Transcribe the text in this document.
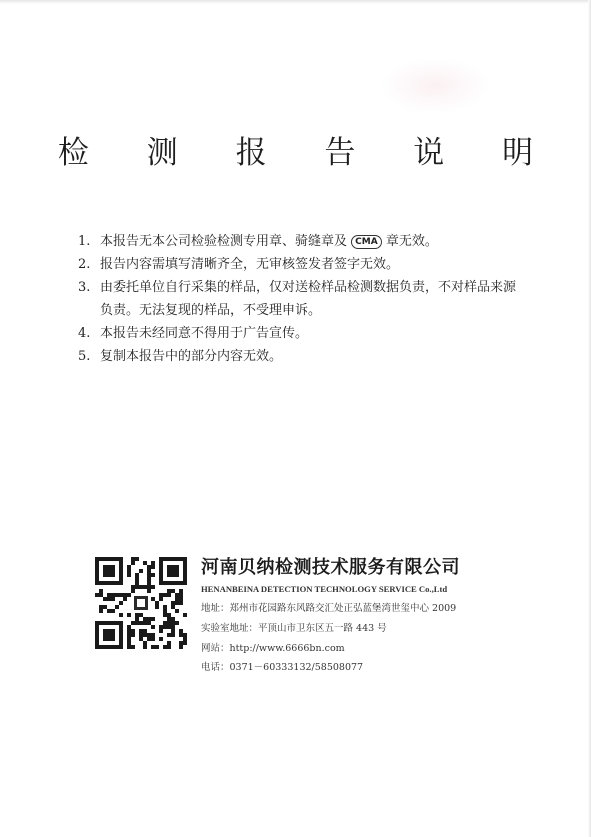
检 测 报 告 说 明
1. 本报告无本公司检验检测专用章、骑缝章及 CMA 章无效。
2. 报告内容需填写清晰齐全，无审核签发者签字无效。
3. 由委托单位自行采集的样品，仅对送检样品检测数据负责，不对样品来源负责。无法复现的样品，不受理申诉。
4. 本报告未经同意不得用于广告宣传。
5. 复制本报告中的部分内容无效。
河南贝纳检测技术服务有限公司
HENANBEINA DETECTION TECHNOLOGY SERVICE Co.,Ltd
地址：郑州市花园路东风路交汇处正弘蓝堡湾世玺中心 2009
实验室地址：平顶山市卫东区五一路 443 号
网站：http://www.6666bn.com
电话：0371－60333132/58508077
